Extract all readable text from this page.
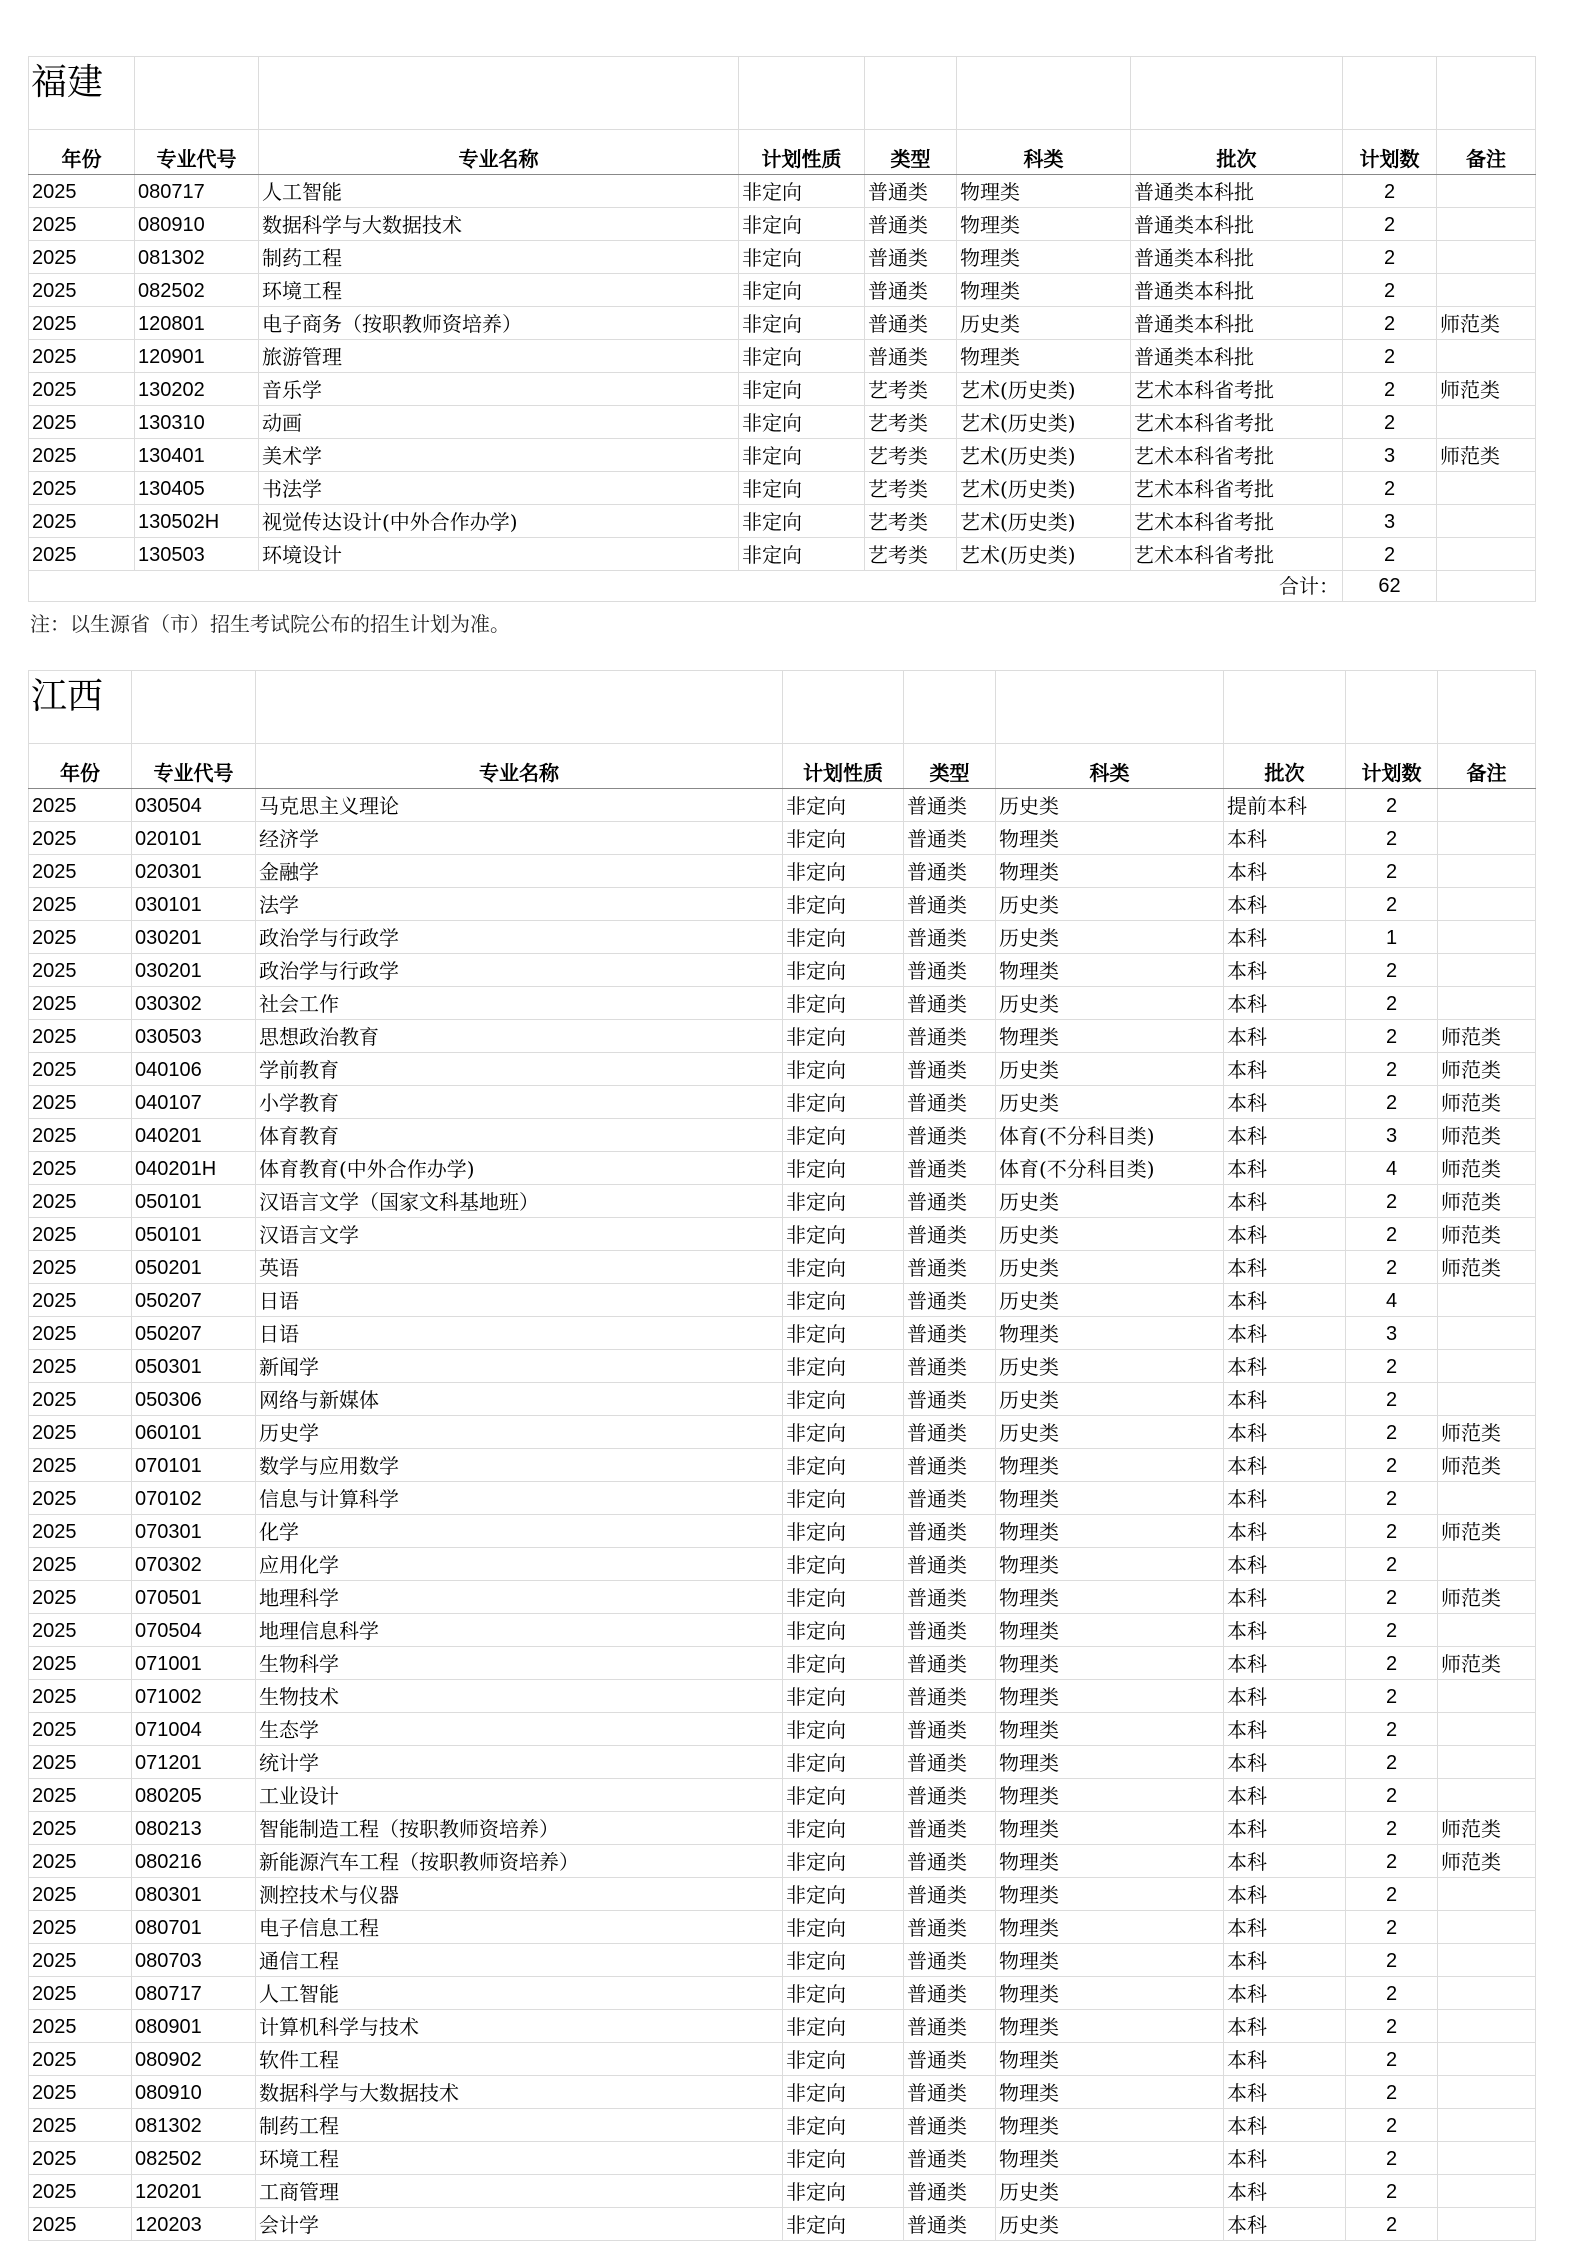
福建								
年份	专业代号	专业名称	计划性质	类型	科类	批次	计划数	备注
2025	080717	人工智能	非定向	普通类	物理类	普通类本科批	2	
2025	080910	数据科学与大数据技术	非定向	普通类	物理类	普通类本科批	2	
2025	081302	制药工程	非定向	普通类	物理类	普通类本科批	2	
2025	082502	环境工程	非定向	普通类	物理类	普通类本科批	2	
2025	120801	电子商务（按职教师资培养）	非定向	普通类	历史类	普通类本科批	2	师范类
2025	120901	旅游管理	非定向	普通类	物理类	普通类本科批	2	
2025	130202	音乐学	非定向	艺考类	艺术(历史类)	艺术本科省考批	2	师范类
2025	130310	动画	非定向	艺考类	艺术(历史类)	艺术本科省考批	2	
2025	130401	美术学	非定向	艺考类	艺术(历史类)	艺术本科省考批	3	师范类
2025	130405	书法学	非定向	艺考类	艺术(历史类)	艺术本科省考批	2	
2025	130502H	视觉传达设计(中外合作办学)	非定向	艺考类	艺术(历史类)	艺术本科省考批	3	
2025	130503	环境设计	非定向	艺考类	艺术(历史类)	艺术本科省考批	2	
合计：							62	
注：以生源省（市）招生考试院公布的招生计划为准。
江西								
年份	专业代号	专业名称	计划性质	类型	科类	批次	计划数	备注
2025	030504	马克思主义理论	非定向	普通类	历史类	提前本科	2	
2025	020101	经济学	非定向	普通类	物理类	本科	2	
2025	020301	金融学	非定向	普通类	物理类	本科	2	
2025	030101	法学	非定向	普通类	历史类	本科	2	
2025	030201	政治学与行政学	非定向	普通类	历史类	本科	1	
2025	030201	政治学与行政学	非定向	普通类	物理类	本科	2	
2025	030302	社会工作	非定向	普通类	历史类	本科	2	
2025	030503	思想政治教育	非定向	普通类	物理类	本科	2	师范类
2025	040106	学前教育	非定向	普通类	历史类	本科	2	师范类
2025	040107	小学教育	非定向	普通类	历史类	本科	2	师范类
2025	040201	体育教育	非定向	普通类	体育(不分科目类)	本科	3	师范类
2025	040201H	体育教育(中外合作办学)	非定向	普通类	体育(不分科目类)	本科	4	师范类
2025	050101	汉语言文学（国家文科基地班）	非定向	普通类	历史类	本科	2	师范类
2025	050101	汉语言文学	非定向	普通类	历史类	本科	2	师范类
2025	050201	英语	非定向	普通类	历史类	本科	2	师范类
2025	050207	日语	非定向	普通类	历史类	本科	4	
2025	050207	日语	非定向	普通类	物理类	本科	3	
2025	050301	新闻学	非定向	普通类	历史类	本科	2	
2025	050306	网络与新媒体	非定向	普通类	历史类	本科	2	
2025	060101	历史学	非定向	普通类	历史类	本科	2	师范类
2025	070101	数学与应用数学	非定向	普通类	物理类	本科	2	师范类
2025	070102	信息与计算科学	非定向	普通类	物理类	本科	2	
2025	070301	化学	非定向	普通类	物理类	本科	2	师范类
2025	070302	应用化学	非定向	普通类	物理类	本科	2	
2025	070501	地理科学	非定向	普通类	物理类	本科	2	师范类
2025	070504	地理信息科学	非定向	普通类	物理类	本科	2	
2025	071001	生物科学	非定向	普通类	物理类	本科	2	师范类
2025	071002	生物技术	非定向	普通类	物理类	本科	2	
2025	071004	生态学	非定向	普通类	物理类	本科	2	
2025	071201	统计学	非定向	普通类	物理类	本科	2	
2025	080205	工业设计	非定向	普通类	物理类	本科	2	
2025	080213	智能制造工程（按职教师资培养）	非定向	普通类	物理类	本科	2	师范类
2025	080216	新能源汽车工程（按职教师资培养）	非定向	普通类	物理类	本科	2	师范类
2025	080301	测控技术与仪器	非定向	普通类	物理类	本科	2	
2025	080701	电子信息工程	非定向	普通类	物理类	本科	2	
2025	080703	通信工程	非定向	普通类	物理类	本科	2	
2025	080717	人工智能	非定向	普通类	物理类	本科	2	
2025	080901	计算机科学与技术	非定向	普通类	物理类	本科	2	
2025	080902	软件工程	非定向	普通类	物理类	本科	2	
2025	080910	数据科学与大数据技术	非定向	普通类	物理类	本科	2	
2025	081302	制药工程	非定向	普通类	物理类	本科	2	
2025	082502	环境工程	非定向	普通类	物理类	本科	2	
2025	120201	工商管理	非定向	普通类	历史类	本科	2	
2025	120203	会计学	非定向	普通类	历史类	本科	2	
